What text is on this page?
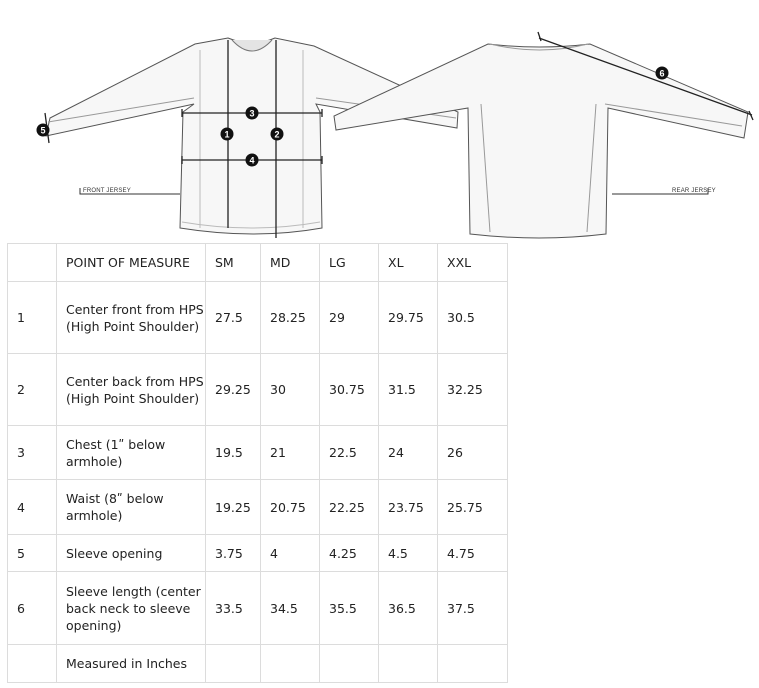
FRONT JERSEY	REAR JERSEY
1	2
3
4
5
6
	POINT OF MEASURE	SM	MD	LG	XL	XXL
1	Center front from HPS (High Point Shoulder)	27.5	28.25	29	29.75	30.5
2	Center back from HPS (High Point Shoulder)	29.25	30	30.75	31.5	32.25
3	Chest (1ʺ below armhole)	19.5	21	22.5	24	26
4	Waist (8ʺ below armhole)	19.25	20.75	22.25	23.75	25.75
5	Sleeve opening	3.75	4	4.25	4.5	4.75
6	Sleeve length (center back neck to sleeve opening)	33.5	34.5	35.5	36.5	37.5
	Measured in Inches					
